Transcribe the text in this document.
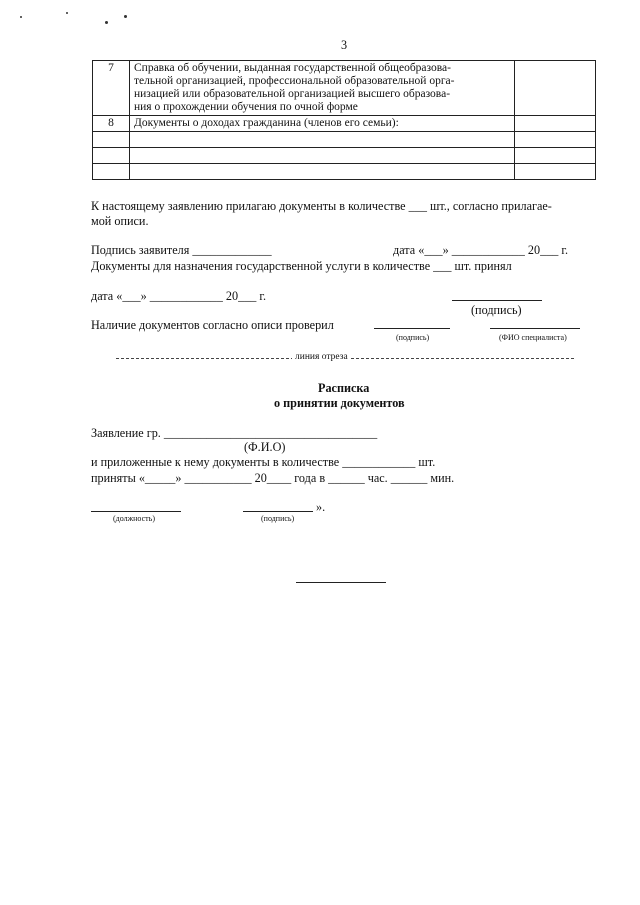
3
7	Справка об обучении, выданная государственной общеобразова-
тельной организацией, профессиональной образовательной орга-
низацией или образовательной организацией высшего образова-
ния о прохождении обучения по очной форме	

8	Документы о доходах гражданина (членов его семьи):	

К настоящему заявлению прилагаю документы в количестве ___ шт., согласно прилагае-
мой описи.
Подпись заявителя _____________	дата «___» ____________ 20___ г.
Документы для назначения государственной услуги в количестве ___ шт. принял
дата «___» ____________ 20___ г.
(подпись)
Наличие документов согласно описи проверил
(подпись)	(ФИО специалиста)
линия отреза
Расписка
о принятии документов
Заявление гр. ___________________________________
(Ф.И.О)
и приложенные к нему документы в количестве ____________ шт.
приняты «_____» ___________ 20____ года в ______ час. ______ мин.
».
(должность)	(подпись)
